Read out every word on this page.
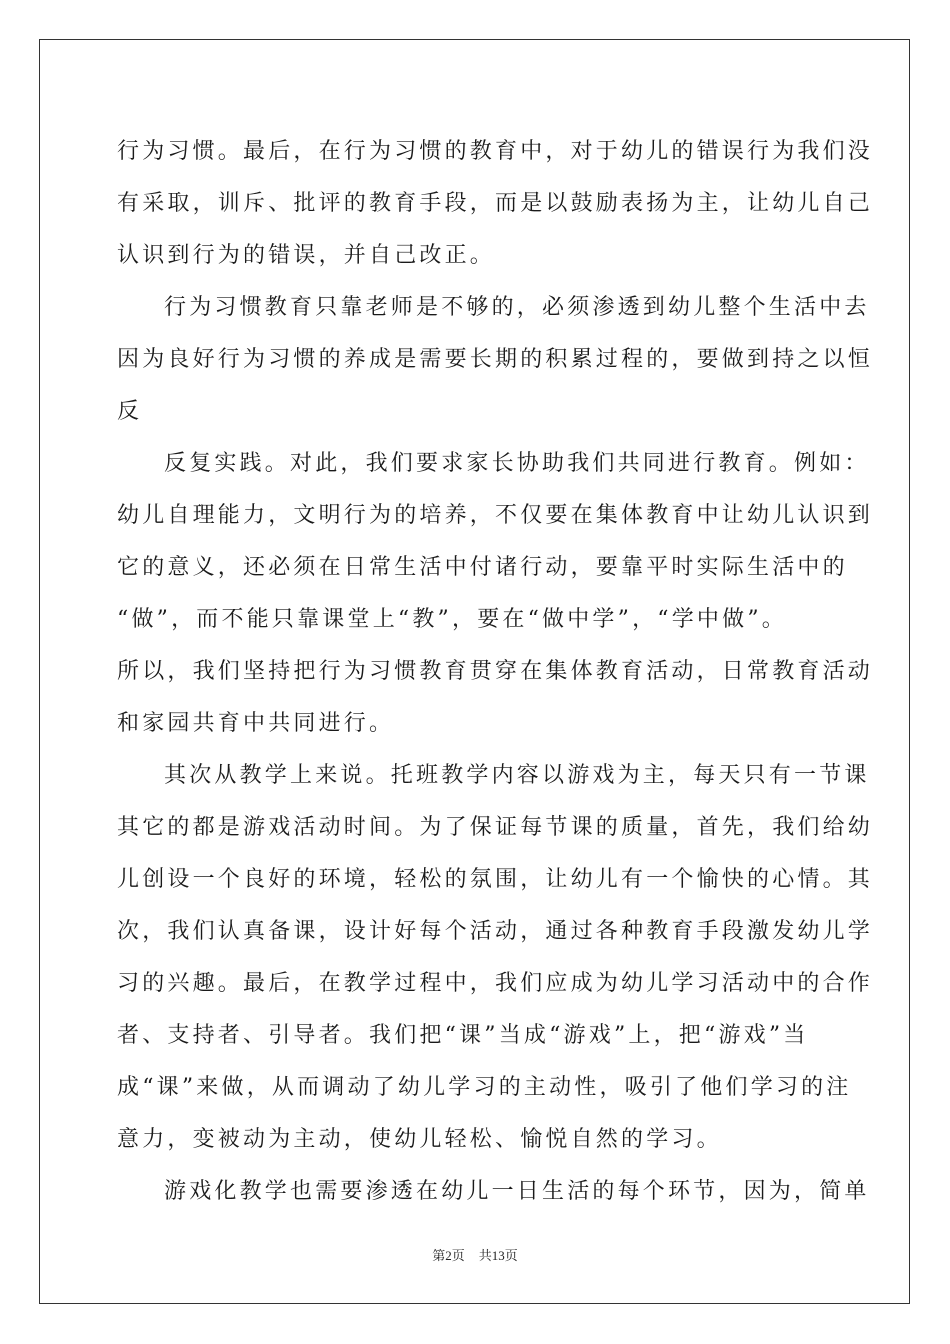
行为习惯。最后，在行为习惯的教育中，对于幼儿的错误行为我们没
有采取，训斥、批评的教育手段，而是以鼓励表扬为主，让幼儿自己
认识到行为的错误，并自己改正。
行为习惯教育只靠老师是不够的，必须渗透到幼儿整个生活中去
因为良好行为习惯的养成是需要长期的积累过程的，要做到持之以恒
反
反复实践。对此，我们要求家长协助我们共同进行教育。例如：
幼儿自理能力，文明行为的培养，不仅要在集体教育中让幼儿认识到
它的意义，还必须在日常生活中付诸行动，要靠平时实际生活中的
“做”，而不能只靠课堂上“教”，要在“做中学”，“学中做”。
所以，我们坚持把行为习惯教育贯穿在集体教育活动，日常教育活动
和家园共育中共同进行。
其次从教学上来说。托班教学内容以游戏为主，每天只有一节课
其它的都是游戏活动时间。为了保证每节课的质量，首先，我们给幼
儿创设一个良好的环境，轻松的氛围，让幼儿有一个愉快的心情。其
次，我们认真备课，设计好每个活动，通过各种教育手段激发幼儿学
习的兴趣。最后，在教学过程中，我们应成为幼儿学习活动中的合作
者、支持者、引导者。我们把“课”当成“游戏”上，把“游戏”当
成“课”来做，从而调动了幼儿学习的主动性，吸引了他们学习的注
意力，变被动为主动，使幼儿轻松、愉悦自然的学习。
游戏化教学也需要渗透在幼儿一日生活的每个环节，因为，简单
第2页 共13页
